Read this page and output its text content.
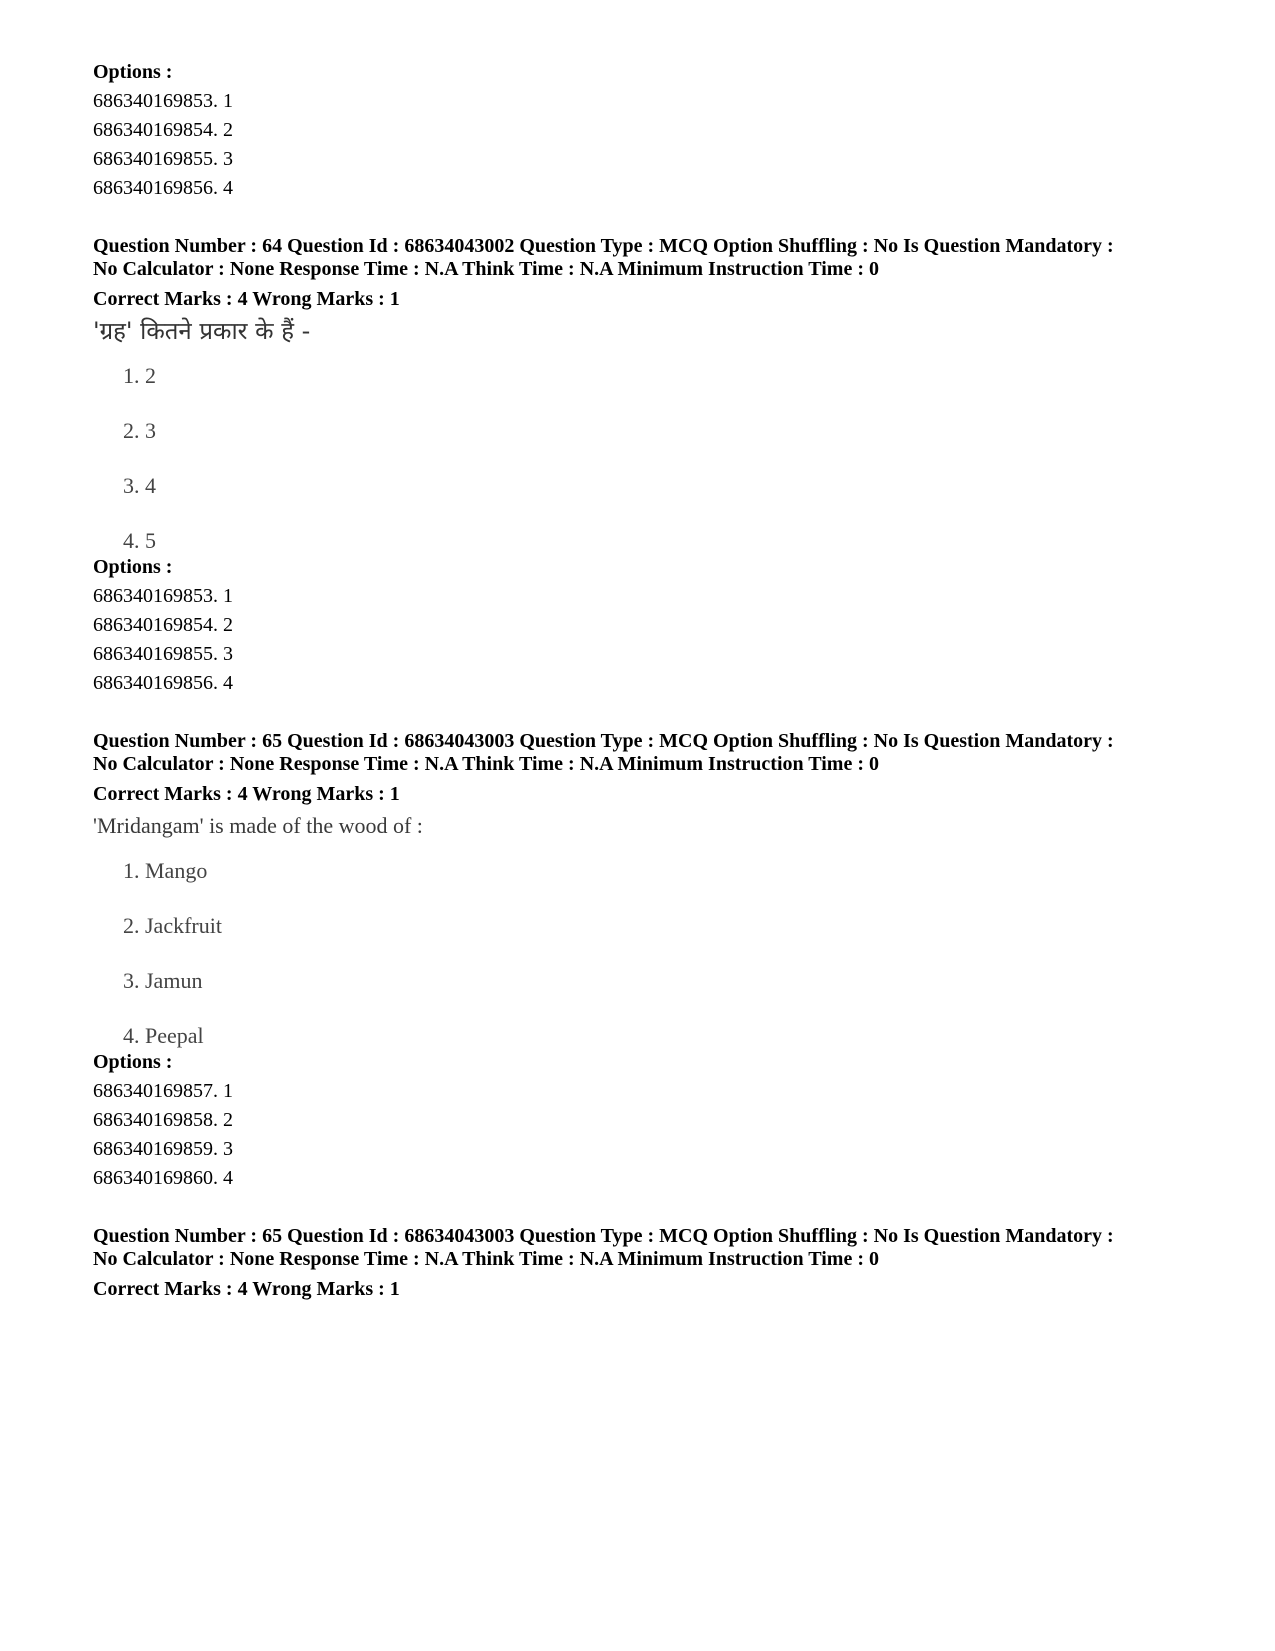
Options :
686340169853. 1
686340169854. 2
686340169855. 3
686340169856. 4
Question Number : 64 Question Id : 68634043002 Question Type : MCQ Option Shuffling : No Is Question Mandatory :
No Calculator : None Response Time : N.A Think Time : N.A Minimum Instruction Time : 0
Correct Marks : 4 Wrong Marks : 1
'ग्रह' कितने प्रकार के हैं -
1. 2
2. 3
3. 4
4. 5
Options :
686340169853. 1
686340169854. 2
686340169855. 3
686340169856. 4
Question Number : 65 Question Id : 68634043003 Question Type : MCQ Option Shuffling : No Is Question Mandatory :
No Calculator : None Response Time : N.A Think Time : N.A Minimum Instruction Time : 0
Correct Marks : 4 Wrong Marks : 1
'Mridangam' is made of the wood of :
1. Mango
2. Jackfruit
3. Jamun
4. Peepal
Options :
686340169857. 1
686340169858. 2
686340169859. 3
686340169860. 4
Question Number : 65 Question Id : 68634043003 Question Type : MCQ Option Shuffling : No Is Question Mandatory :
No Calculator : None Response Time : N.A Think Time : N.A Minimum Instruction Time : 0
Correct Marks : 4 Wrong Marks : 1
